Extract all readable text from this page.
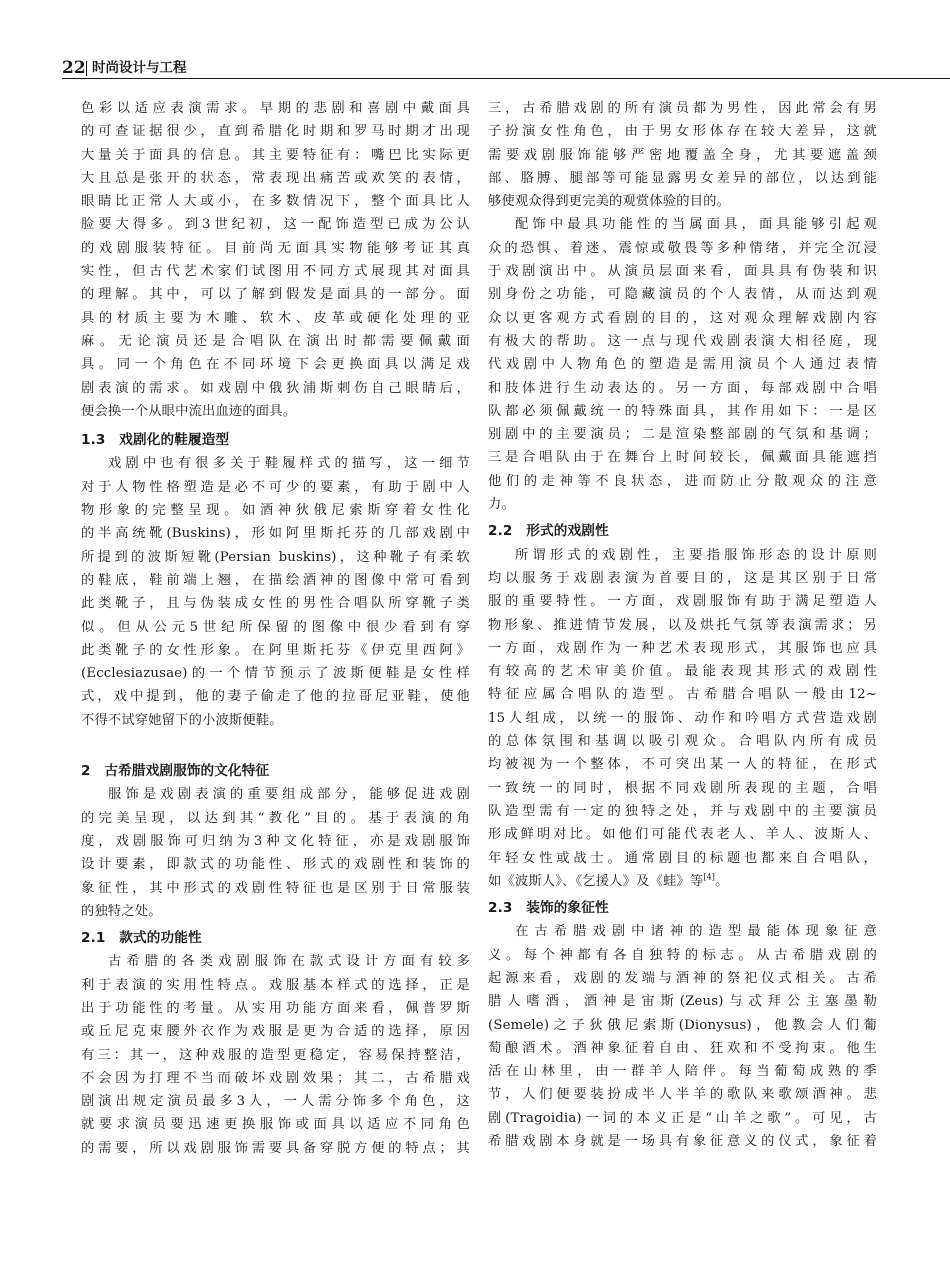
22 时尚设计与工程
色彩以适应表演需求。早期的悲剧和喜剧中戴面具
的可查证据很少，直到希腊化时期和罗马时期才出现
大量关于面具的信息。其主要特征有：嘴巴比实际更
大且总是张开的状态，常表现出痛苦或欢笑的表情，
眼睛比正常人大或小，在多数情况下，整个面具比人
脸要大得多。到3世纪初，这一配饰造型已成为公认
的戏剧服装特征。目前尚无面具实物能够考证其真
实性，但古代艺术家们试图用不同方式展现其对面具
的理解。其中，可以了解到假发是面具的一部分。面
具的材质主要为木雕、软木、皮革或硬化处理的亚
麻。无论演员还是合唱队在演出时都需要佩戴面
具。同一个角色在不同环境下会更换面具以满足戏
剧表演的需求。如戏剧中俄狄浦斯刺伤自己眼睛后，
便会换一个从眼中流出血迹的面具。
1.3　戏剧化的鞋履造型
戏剧中也有很多关于鞋履样式的描写，这一细节
对于人物性格塑造是必不可少的要素，有助于剧中人
物形象的完整呈现。如酒神狄俄尼索斯穿着女性化
的半高统靴(Buskins)，形如阿里斯托芬的几部戏剧中
所提到的波斯短靴(Persian buskins)，这种靴子有柔软
的鞋底，鞋前端上翘，在描绘酒神的图像中常可看到
此类靴子，且与伪装成女性的男性合唱队所穿靴子类
似。但从公元5世纪所保留的图像中很少看到有穿
此类靴子的女性形象。在阿里斯托芬《伊克里西阿》
(Ecclesiazusae)的一个情节预示了波斯便鞋是女性样
式，戏中提到，他的妻子偷走了他的拉哥尼亚鞋，使他
不得不试穿她留下的小波斯便鞋。
2　古希腊戏剧服饰的文化特征
服饰是戏剧表演的重要组成部分，能够促进戏剧
的完美呈现，以达到其“教化”目的。基于表演的角
度，戏剧服饰可归纳为3种文化特征，亦是戏剧服饰
设计要素，即款式的功能性、形式的戏剧性和装饰的
象征性，其中形式的戏剧性特征也是区别于日常服装
的独特之处。
2.1　款式的功能性
古希腊的各类戏剧服饰在款式设计方面有较多
利于表演的实用性特点。戏服基本样式的选择，正是
出于功能性的考量。从实用功能方面来看，佩普罗斯
或丘尼克束腰外衣作为戏服是更为合适的选择，原因
有三：其一，这种戏服的造型更稳定，容易保持整洁，
不会因为打理不当而破坏戏剧效果；其二，古希腊戏
剧演出规定演员最多3人，一人需分饰多个角色，这
就要求演员要迅速更换服饰或面具以适应不同角色
的需要，所以戏剧服饰需要具备穿脱方便的特点；其
三，古希腊戏剧的所有演员都为男性，因此常会有男
子扮演女性角色，由于男女形体存在较大差异，这就
需要戏剧服饰能够严密地覆盖全身，尤其要遮盖颈
部、胳膊、腿部等可能显露男女差异的部位，以达到能
够使观众得到更完美的观赏体验的目的。
配饰中最具功能性的当属面具，面具能够引起观
众的恐惧、着迷、震惊或敬畏等多种情绪，并完全沉浸
于戏剧演出中。从演员层面来看，面具具有伪装和识
别身份之功能，可隐藏演员的个人表情，从而达到观
众以更客观方式看剧的目的，这对观众理解戏剧内容
有极大的帮助。这一点与现代戏剧表演大相径庭，现
代戏剧中人物角色的塑造是需用演员个人通过表情
和肢体进行生动表达的。另一方面，每部戏剧中合唱
队都必须佩戴统一的特殊面具，其作用如下：一是区
别剧中的主要演员；二是渲染整部剧的气氛和基调；
三是合唱队由于在舞台上时间较长，佩戴面具能遮挡
他们的走神等不良状态，进而防止分散观众的注意
力。
2.2　形式的戏剧性
所谓形式的戏剧性，主要指服饰形态的设计原则
均以服务于戏剧表演为首要目的，这是其区别于日常
服的重要特性。一方面，戏剧服饰有助于满足塑造人
物形象、推进情节发展，以及烘托气氛等表演需求；另
一方面，戏剧作为一种艺术表现形式，其服饰也应具
有较高的艺术审美价值。最能表现其形式的戏剧性
特征应属合唱队的造型。古希腊合唱队一般由12~
15人组成，以统一的服饰、动作和吟唱方式营造戏剧
的总体氛围和基调以吸引观众。合唱队内所有成员
均被视为一个整体，不可突出某一人的特征，在形式
一致统一的同时，根据不同戏剧所表现的主题，合唱
队造型需有一定的独特之处，并与戏剧中的主要演员
形成鲜明对比。如他们可能代表老人、羊人、波斯人、
年轻女性或战士。通常剧目的标题也都来自合唱队，
如《波斯人》、《乞援人》及《蛙》等[4]。
2.3　装饰的象征性
在古希腊戏剧中诸神的造型最能体现象征意
义。每个神都有各自独特的标志。从古希腊戏剧的
起源来看，戏剧的发端与酒神的祭祀仪式相关。古希
腊人嗜酒，酒神是宙斯(Zeus)与忒拜公主塞墨勒
(Semele)之子狄俄尼索斯(Dionysus)，他教会人们葡
萄酿酒术。酒神象征着自由、狂欢和不受拘束。他生
活在山林里，由一群羊人陪伴。每当葡萄成熟的季
节，人们便要装扮成半人半羊的歌队来歌颂酒神。悲
剧(Tragoidia)一词的本义正是“山羊之歌”。可见，古
希腊戏剧本身就是一场具有象征意义的仪式，象征着
